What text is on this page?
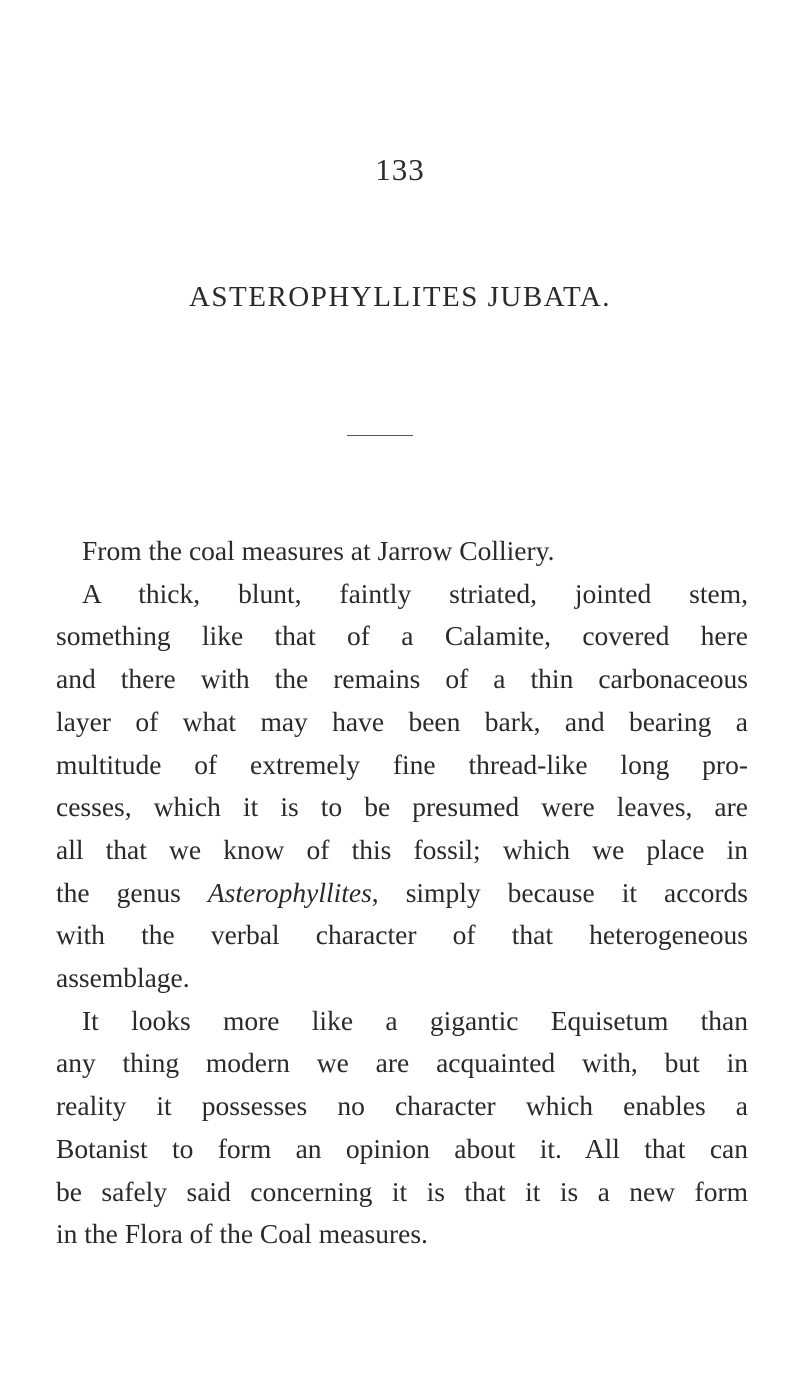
133
ASTEROPHYLLITES JUBATA.
From the coal measures at Jarrow Colliery.
A thick, blunt, faintly striated, jointed stem,
something like that of a Calamite, covered here
and there with the remains of a thin carbonaceous
layer of what may have been bark, and bearing a
multitude of extremely fine thread-like long pro-
cesses, which it is to be presumed were leaves, are
all that we know of this fossil; which we place in
the genus Asterophyllites, simply because it accords
with the verbal character of that heterogeneous
assemblage.
It looks more like a gigantic Equisetum than
any thing modern we are acquainted with, but in
reality it possesses no character which enables a
Botanist to form an opinion about it. All that can
be safely said concerning it is that it is a new form
in the Flora of the Coal measures.
